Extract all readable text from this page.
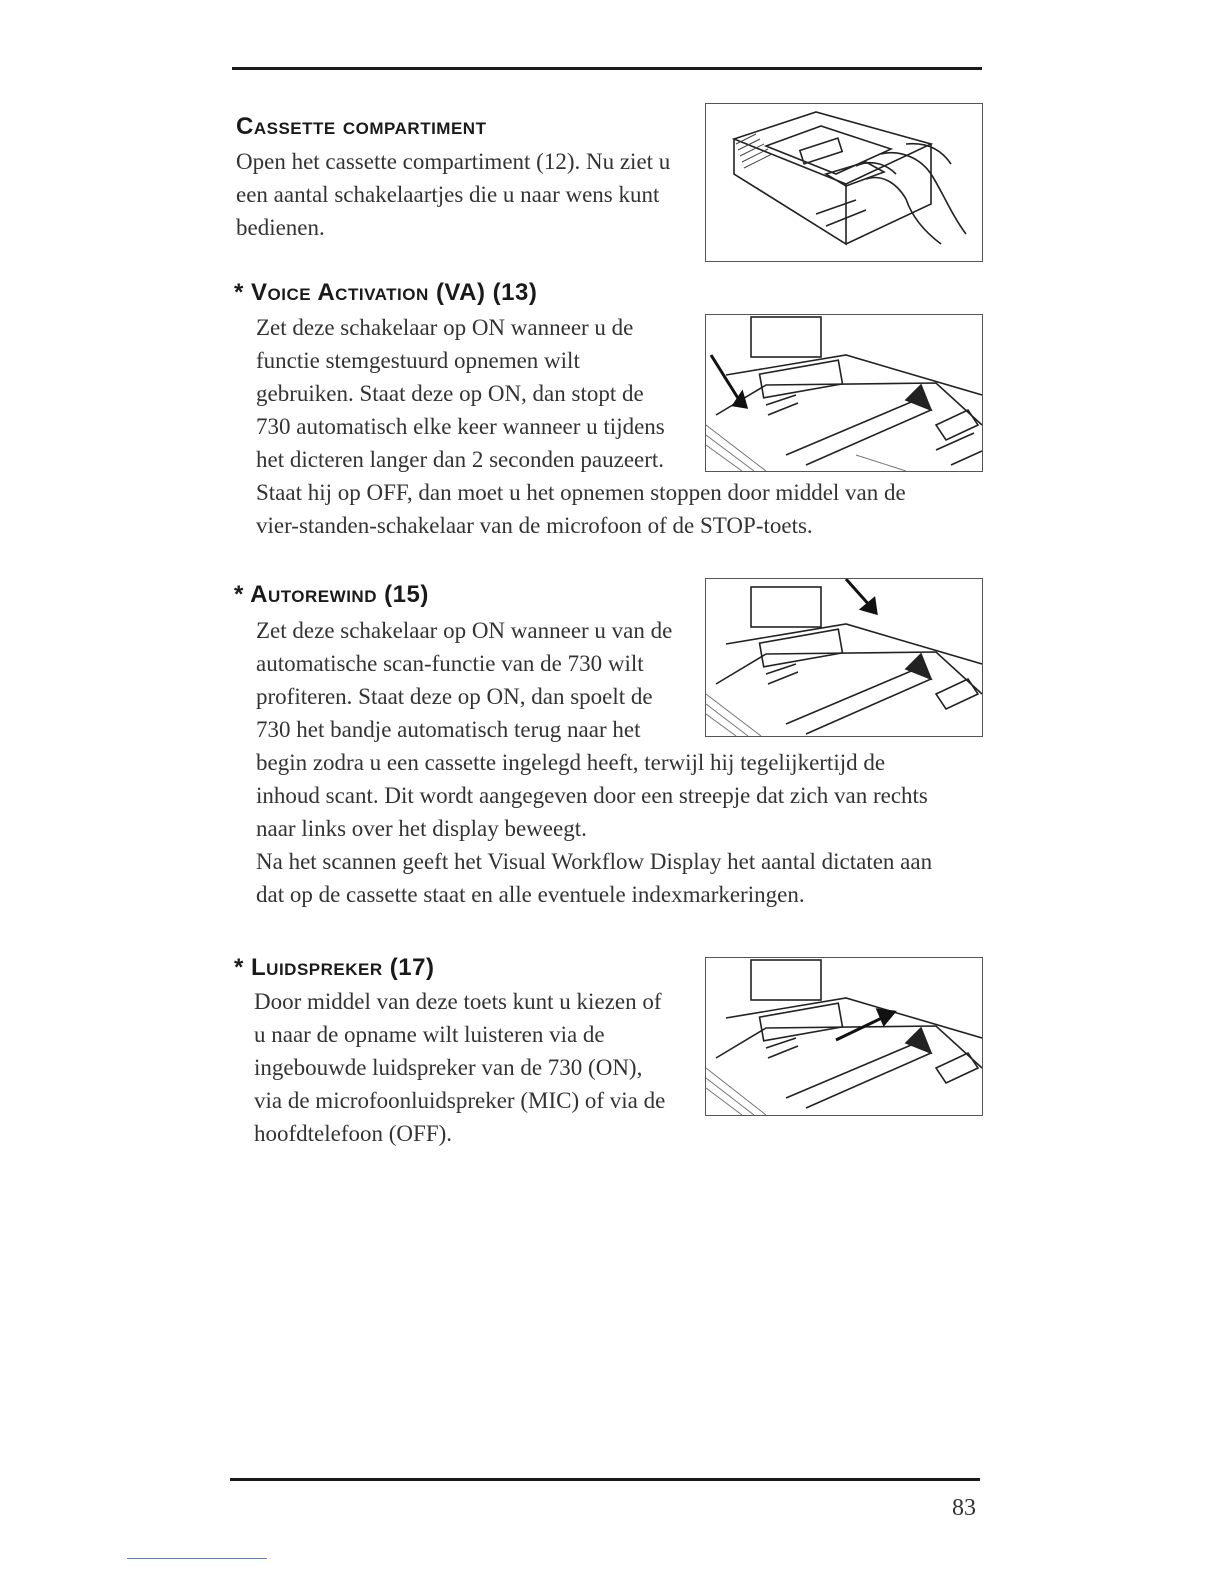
Cassette compartiment
Open het cassette compartiment (12). Nu ziet u
een aantal schakelaartjes die u naar wens kunt
bedienen.
* Voice Activation (VA) (13)
Zet deze schakelaar op ON wanneer u de
functie stemgestuurd opnemen wilt
gebruiken. Staat deze op ON, dan stopt de
730 automatisch elke keer wanneer u tijdens
het dicteren langer dan 2 seconden pauzeert.
Staat hij op OFF, dan moet u het opnemen stoppen door middel van de
vier-standen-schakelaar van de microfoon of de STOP-toets.
* Autorewind (15)
Zet deze schakelaar op ON wanneer u van de
automatische scan-functie van de 730 wilt
profiteren. Staat deze op ON, dan spoelt de
730 het bandje automatisch terug naar het
begin zodra u een cassette ingelegd heeft, terwijl hij tegelijkertijd de
inhoud scant. Dit wordt aangegeven door een streepje dat zich van rechts
naar links over het display beweegt.
Na het scannen geeft het Visual Workflow Display het aantal dictaten aan
dat op de cassette staat en alle eventuele indexmarkeringen.
* Luidspreker (17)
Door middel van deze toets kunt u kiezen of
u naar de opname wilt luisteren via de
ingebouwde luidspreker van de 730 (ON),
via de microfoonluidspreker (MIC) of via de
hoofdtelefoon (OFF).
83
